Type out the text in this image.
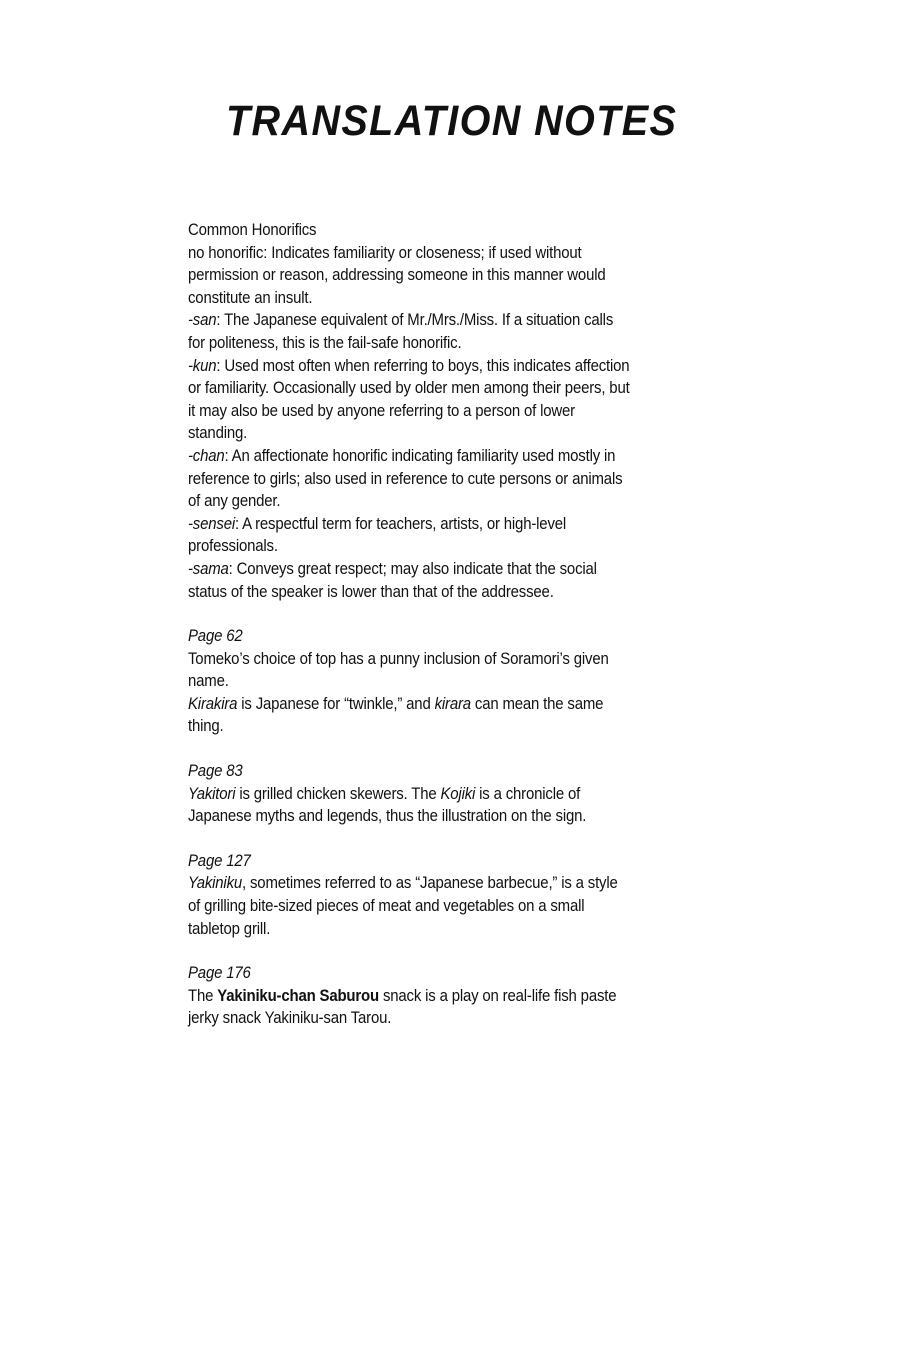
TRANSLATION NOTES

Common Honorifics

no honorific: Indicates familiarity or closeness; if used without permission or reason, addressing someone in this manner would constitute an insult.

-san: The Japanese equivalent of Mr./Mrs./Miss. If a situation calls for politeness, this is the fail-safe honorific.

-kun: Used most often when referring to boys, this indicates affection or familiarity. Occasionally used by older men among their peers, but it may also be used by anyone referring to a person of lower standing.

-chan: An affectionate honorific indicating familiarity used mostly in reference to girls; also used in reference to cute persons or animals of any gender.

-sensei: A respectful term for teachers, artists, or high-level professionals.

-sama: Conveys great respect; may also indicate that the social status of the speaker is lower than that of the addressee.

Page 62

Tomeko’s choice of top has a punny inclusion of Soramori’s given name.

Kirakira is Japanese for “twinkle,” and kirara can mean the same thing.

Page 83

Yakitori is grilled chicken skewers. The Kojiki is a chronicle of Japanese myths and legends, thus the illustration on the sign.

Page 127

Yakiniku, sometimes referred to as “Japanese barbecue,” is a style of grilling bite-sized pieces of meat and vegetables on a small tabletop grill.

Page 176

The Yakiniku-chan Saburou snack is a play on real-life fish paste jerky snack Yakiniku-san Tarou.
